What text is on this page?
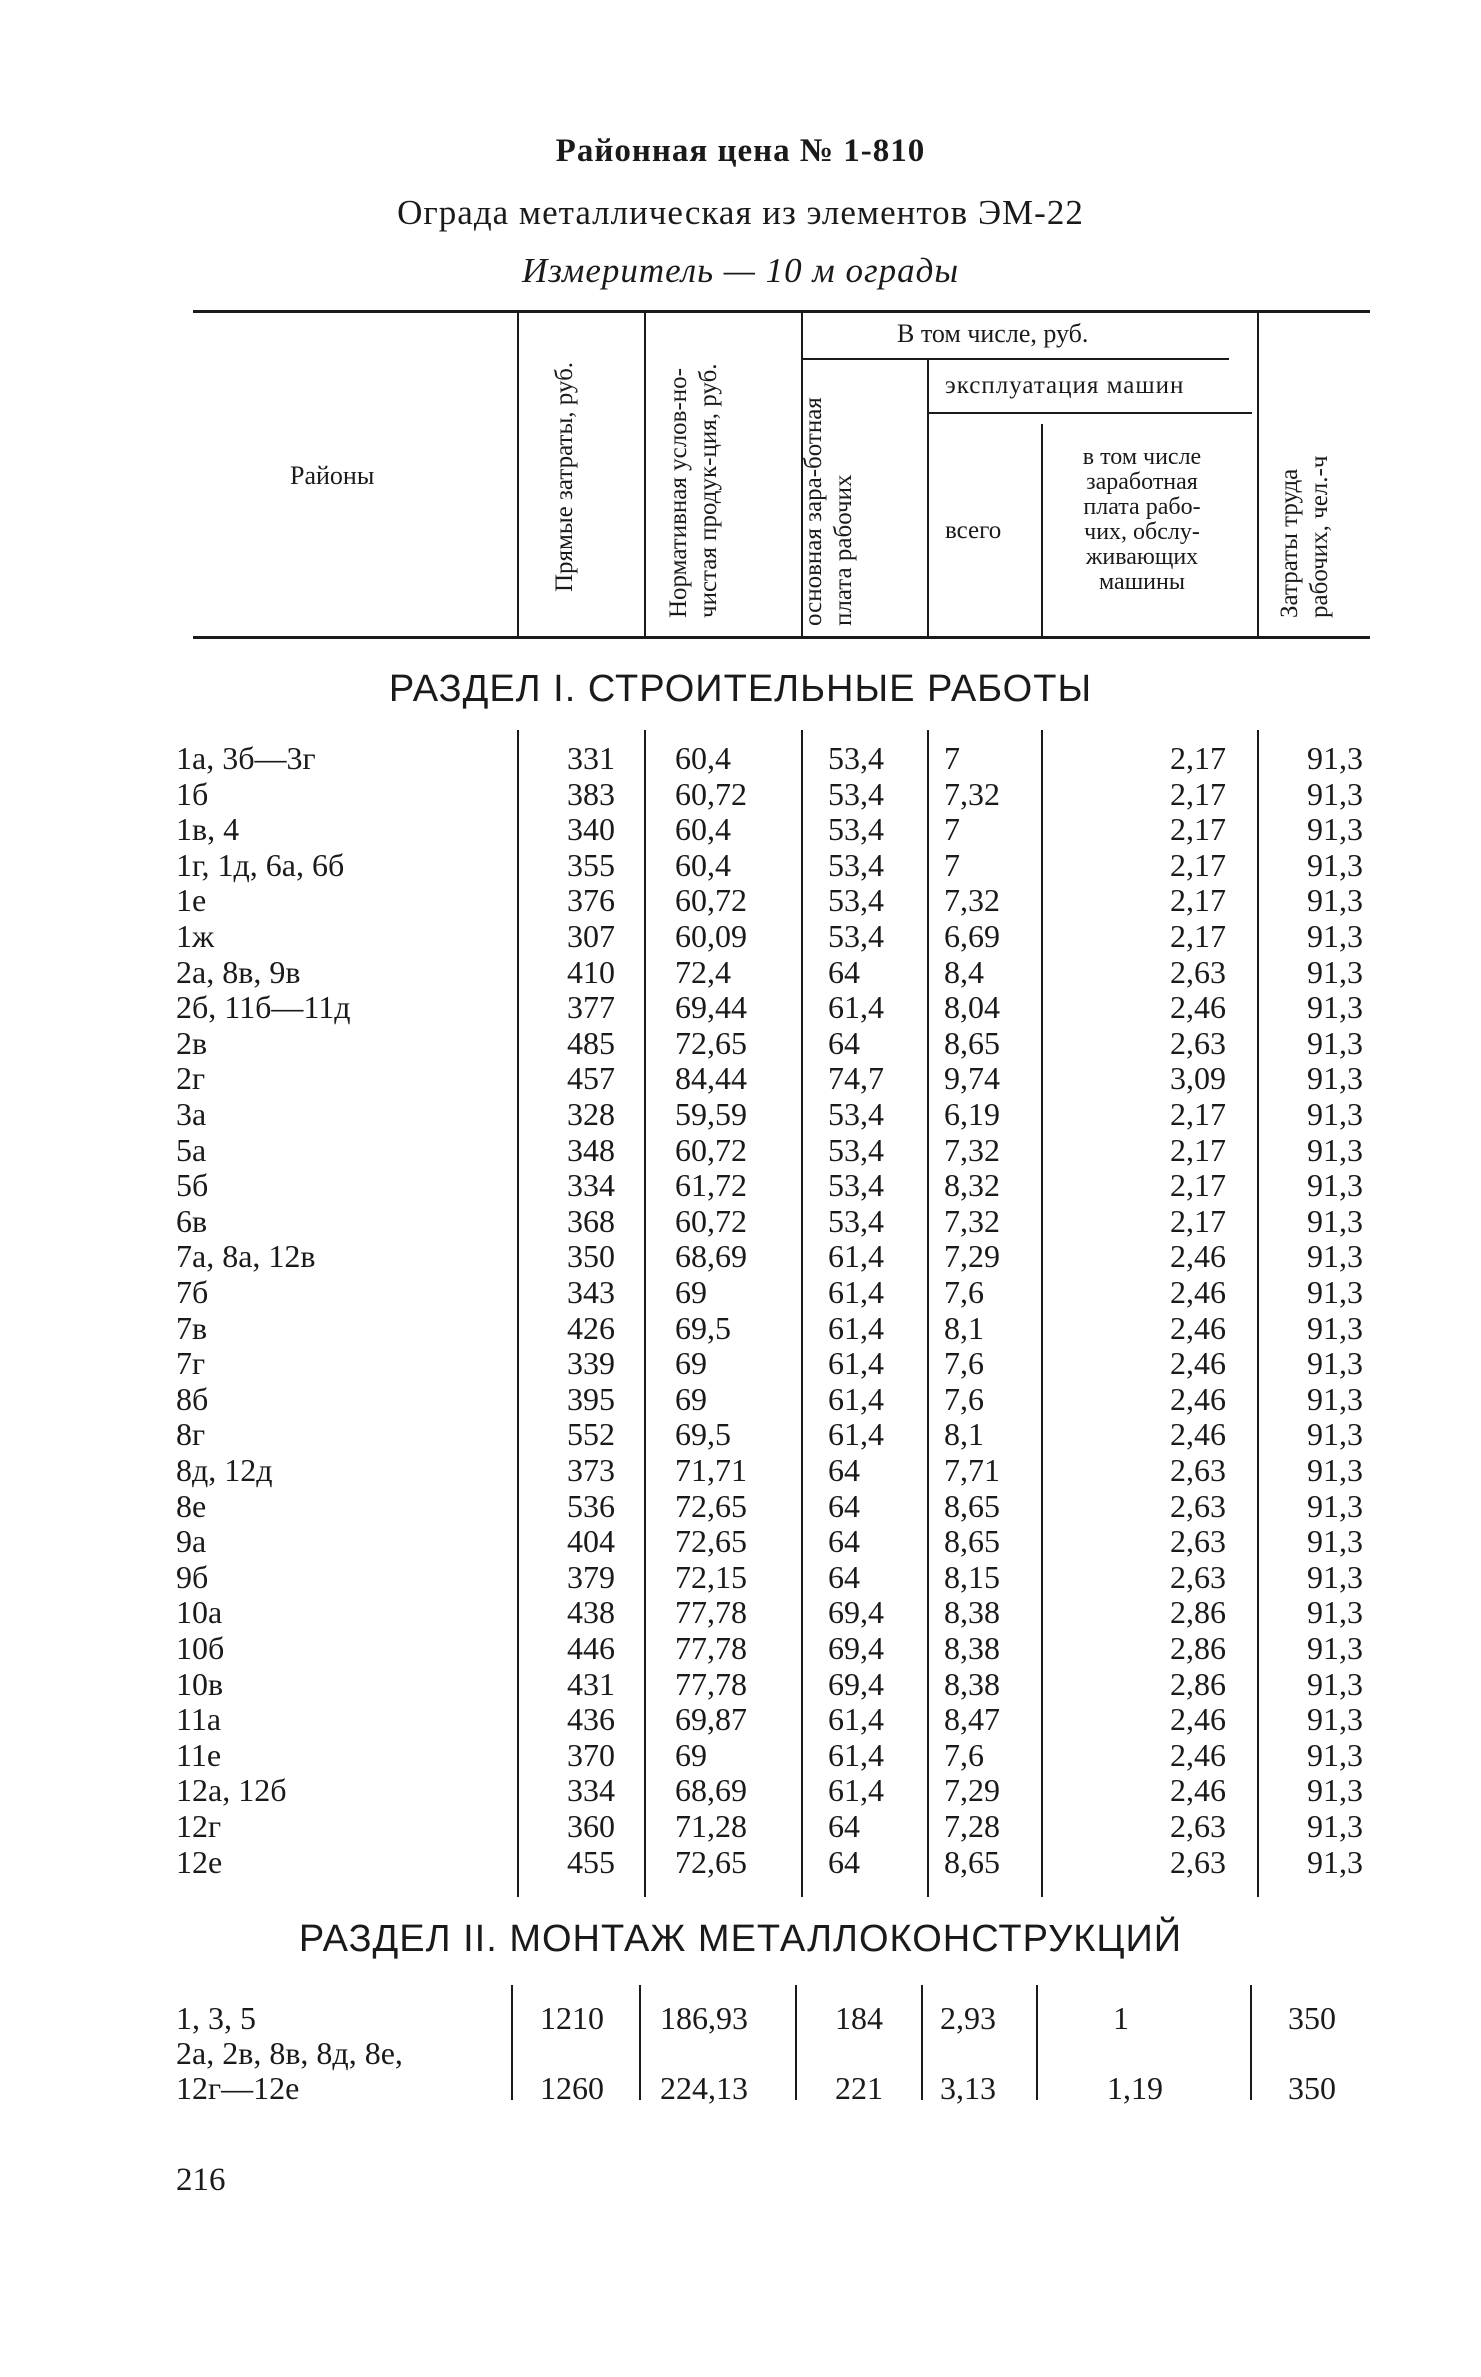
Районная цена № 1-810
Ограда металлическая из элементов ЭМ-22
Измеритель — 10 м ограды
Районы	Прямые затраты, руб.	Нормативная услов-но-чистая продук-ция, руб.
В том числе, руб.
основная зара-ботная плата рабочих
эксплуатация машин
всего
в том числе заработная плата рабо-чих, обслу-живающих машины	Затраты труда рабочих, чел.-ч
РАЗДЕЛ I. СТРОИТЕЛЬНЫЕ РАБОТЫ
1а, 3б—3г	331 60,4	53,4 7	2,17	91,3
1б	383 60,72	53,4 7,32	2,17	91,3
1в, 4	340 60,4	53,4 7	2,17	91,3
1г, 1д, 6а, 6б	355 60,4	53,4 7	2,17	91,3
1е	376 60,72	53,4 7,32	2,17	91,3
1ж	307 60,09	53,4 6,69	2,17	91,3
2а, 8в, 9в	410 72,4	64	8,4	2,63	91,3
2б, 11б—11д	377 69,44	61,4 8,04	2,46	91,3
2в	485 72,65	64	8,65	2,63	91,3
2г	457 84,44	74,7 9,74	3,09	91,3
3а	328 59,59	53,4 6,19	2,17	91,3
5а	348 60,72	53,4 7,32	2,17	91,3
5б	334 61,72	53,4 8,32	2,17	91,3
6в	368 60,72	53,4 7,32	2,17	91,3
7а, 8а, 12в	350 68,69	61,4 7,29	2,46	91,3
7б	343 69	61,4 7,6	2,46	91,3
7в	426 69,5	61,4 8,1	2,46	91,3
7г	339 69	61,4 7,6	2,46	91,3
8б	395 69	61,4 7,6	2,46	91,3
8г	552 69,5	61,4 8,1	2,46	91,3
8д, 12д	373 71,71	64	7,71	2,63	91,3
8е	536 72,65	64	8,65	2,63	91,3
9а	404 72,65	64	8,65	2,63	91,3
9б	379 72,15	64	8,15	2,63	91,3
10а	438 77,78	69,4 8,38	2,86	91,3
10б	446 77,78	69,4 8,38	2,86	91,3
10в	431 77,78	69,4 8,38	2,86	91,3
11а	436 69,87	61,4 8,47	2,46	91,3
11е	370 69	61,4 7,6	2,46	91,3
12а, 12б	334 68,69	61,4 7,29	2,46	91,3
12г	360 71,28	64	7,28	2,63	91,3
12е	455 72,65	64	8,65	2,63	91,3
РАЗДЕЛ II. МОНТАЖ МЕТАЛЛОКОНСТРУКЦИЙ
1, 3, 5	1210 186,93	184 2,93	1	350
2а, 2в, 8в, 8д, 8е,
12г—12е	1260 224,13	221 3,13	1,19	350
216
